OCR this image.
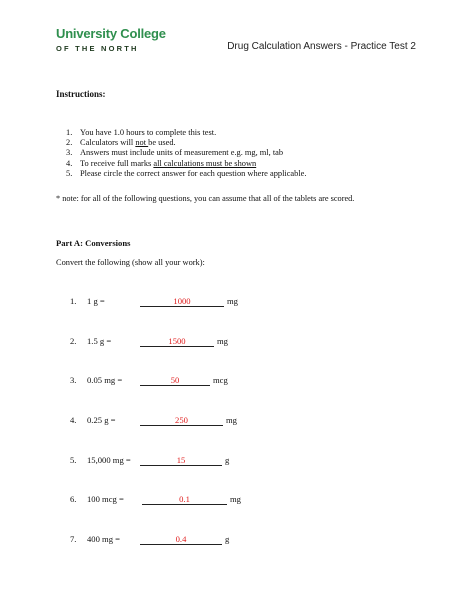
University College
OF THE NORTH	Drug Calculation Answers - Practice Test 2
Instructions:
1. You have 1.0 hours to complete this test.
2. Calculators will not be used.
3. Answers must include units of measurement e.g. mg, ml, tab
4. To receive full marks all calculations must be shown
5. Please circle the correct answer for each question where applicable.
* note: for all of the following questions, you can assume that all of the tablets are scored.
Part A: Conversions
Convert the following (show all your work):
1. 1 g =	1000	mg
2. 1.5 g =	1500	mg
3. 0.05 mg =	50	mcg
4. 0.25 g =	250	mg
5. 15,000 mg =	15	g
6. 100 mcg =	0.1	mg
7. 400 mg =	0.4	g
